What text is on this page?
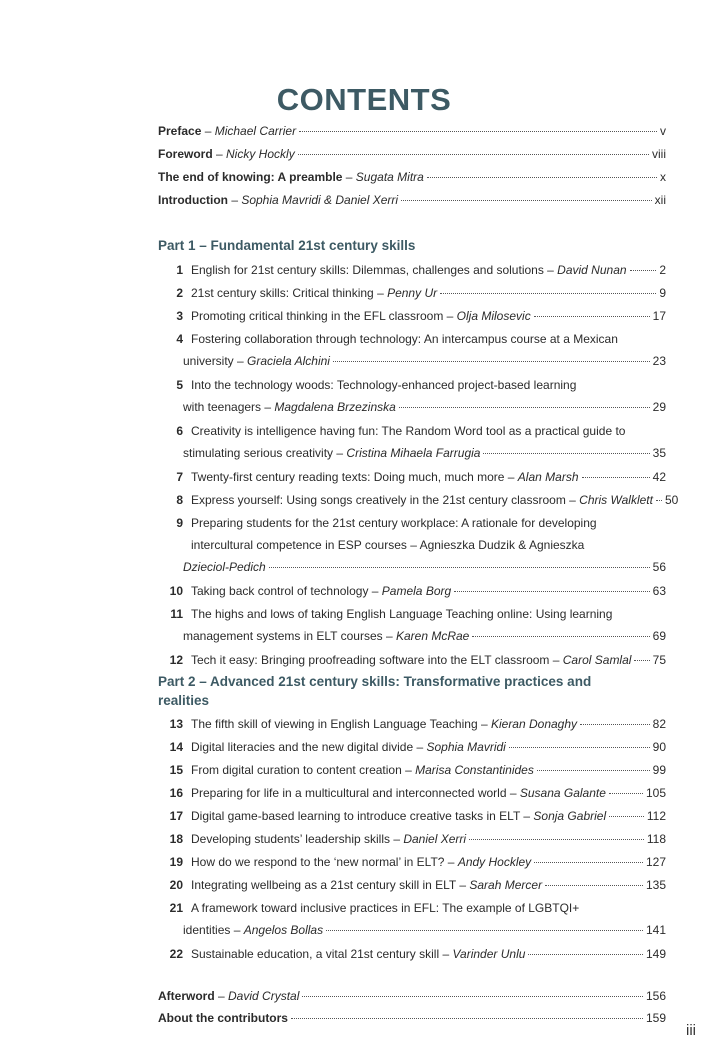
CONTENTS
Preface – Michael Carrier	v
Foreword – Nicky Hockly	viii
The end of knowing: A preamble – Sugata Mitra	x
Introduction – Sophia Mavridi & Daniel Xerri	xii
Part 1 – Fundamental 21st century skills
1 English for 21st century skills: Dilemmas, challenges and solutions – David Nunan	2
2 21st century skills: Critical thinking – Penny Ur	9
3 Promoting critical thinking in the EFL classroom – Olja Milosevic	17
4 Fostering collaboration through technology: An intercampus course at a Mexican
university – Graciela Alchini	23
5 Into the technology woods: Technology-enhanced project-based learning
with teenagers – Magdalena Brzezinska	29
6 Creativity is intelligence having fun: The Random Word tool as a practical guide to
stimulating serious creativity – Cristina Mihaela Farrugia	35
7 Twenty-first century reading texts: Doing much, much more – Alan Marsh	42
8 Express yourself: Using songs creatively in the 21st century classroom – Chris Walklett 50
9 Preparing students for the 21st century workplace: A rationale for developing
intercultural competence in ESP courses – Agnieszka Dudzik & Agnieszka
Dzieciol-Pedich	56
10 Taking back control of technology – Pamela Borg	63
11 The highs and lows of taking English Language Teaching online: Using learning
management systems in ELT courses – Karen McRae	69
12 Tech it easy: Bringing proofreading software into the ELT classroom – Carol Samlal 75
Part 2 – Advanced 21st century skills: Transformative practices and
realities
13 The fifth skill of viewing in English Language Teaching – Kieran Donaghy	82
14 Digital literacies and the new digital divide – Sophia Mavridi	90
15 From digital curation to content creation – Marisa Constantinides	99
16 Preparing for life in a multicultural and interconnected world – Susana Galante	105
17 Digital game-based learning to introduce creative tasks in ELT – Sonja Gabriel	112
18 Developing students’ leadership skills – Daniel Xerri	118
19 How do we respond to the ‘new normal’ in ELT? – Andy Hockley	127
20 Integrating wellbeing as a 21st century skill in ELT – Sarah Mercer	135
21 A framework toward inclusive practices in EFL: The example of LGBTQI+
identities – Angelos Bollas	141
22 Sustainable education, a vital 21st century skill – Varinder Unlu	149
Afterword – David Crystal	156
About the contributors	159
iii
